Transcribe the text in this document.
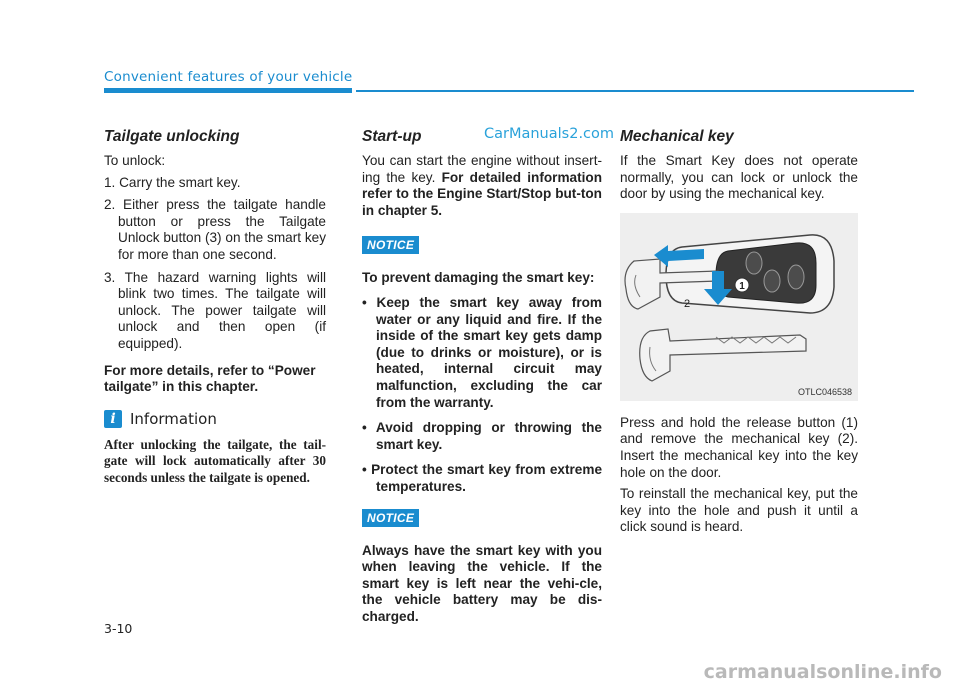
Convenient features of your vehicle
CarManuals2.com
Tailgate unlocking

To unlock:

1. Carry the smart key.
2. Either press the tailgate handle button or press the Tailgate Unlock button (3) on the smart key for more than one second.
3. The hazard warning lights will blink two times. The tailgate will unlock. The power tailgate will unlock and then open (if equipped).

For more details, refer to “Power tailgate” in this chapter.

i Information

After unlocking the tailgate, the tail-gate will lock automatically after 30 seconds unless the tailgate is opened.

Start-up

You can start the engine without insert-ing the key. For detailed information refer to the Engine Start/Stop but-ton in chapter 5.

NOTICE

To prevent damaging the smart key:

• Keep the smart key away from water or any liquid and fire. If the inside of the smart key gets damp (due to drinks or moisture), or is heated, internal circuit may malfunction, excluding the car from the warranty.
• Avoid dropping or throwing the smart key.
• Protect the smart key from extreme temperatures.
NOTICE

Always have the smart key with you when leaving the vehicle. If the smart key is left near the vehi-cle, the vehicle battery may be dis-charged.

Mechanical key

If the Smart Key does not operate normally, you can lock or unlock the door by using the mechanical key.

1
2
OTLC046538

Press and hold the release button (1) and remove the mechanical key (2). Insert the mechanical key into the key hole on the door.

To reinstall the mechanical key, put the key into the hole and push it until a click sound is heard.

3-10
carmanualsonline.info
